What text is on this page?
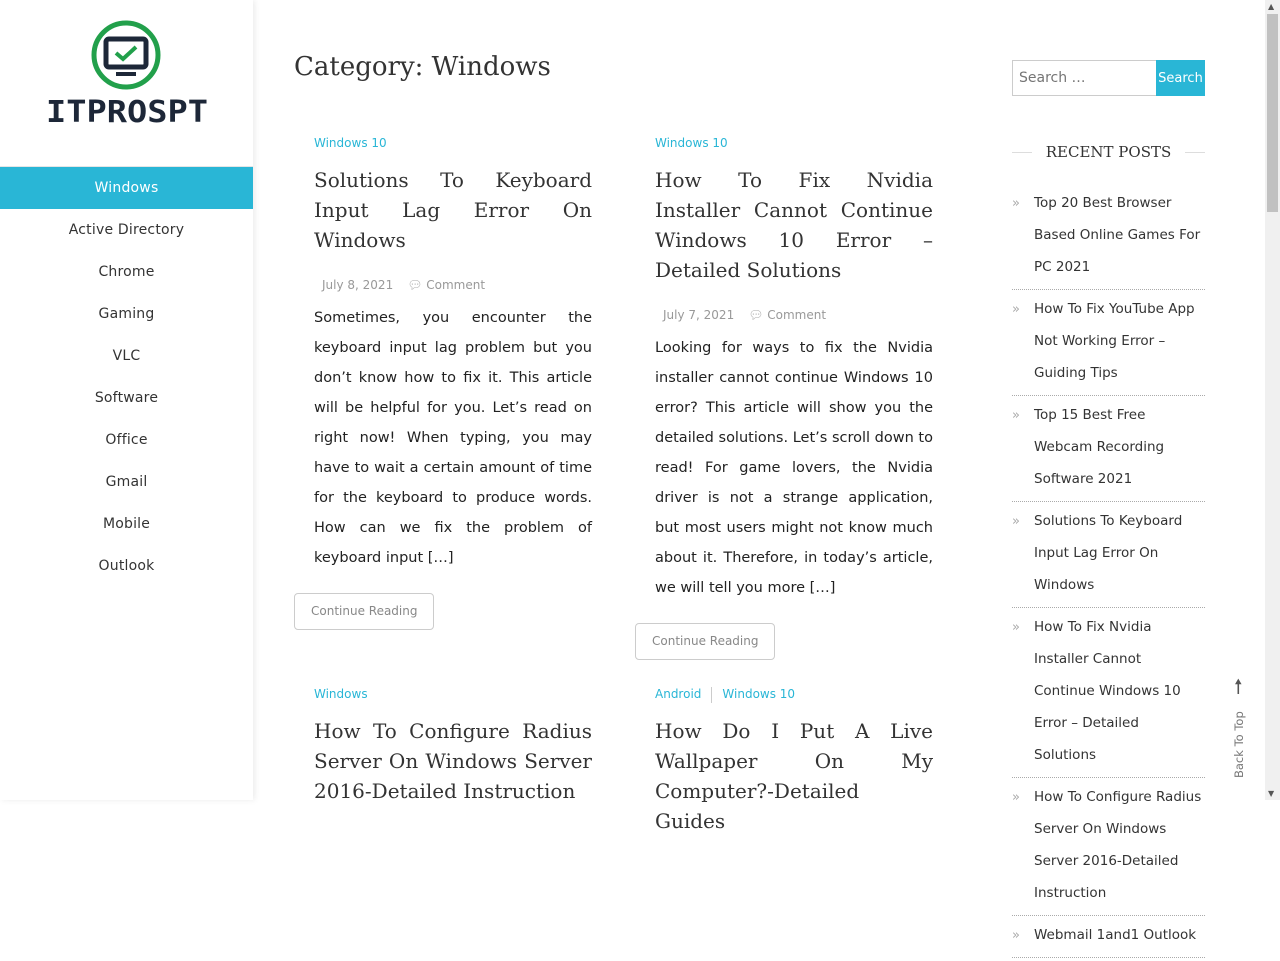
ITPROSPT
Windows
Active Directory
Chrome
Gaming
VLC
Software
Office
Gmail
Mobile
Outlook
Category: Windows
Windows 10
Solutions To Keyboard Input Lag Error On Windows
July 8, 2021 💬︎ Comment

Sometimes, you encounter the keyboard input lag problem but you don’t know how to fix it. This article will be helpful for you. Let’s read on right now! When typing, you may have to wait a certain amount of time for the keyboard to produce words. How can we fix the problem of keyboard input […]

Continue Reading
Windows 10
How To Fix Nvidia Installer Cannot Continue Windows 10 Error – Detailed Solutions
July 7, 2021 💬︎ Comment

Looking for ways to fix the Nvidia installer cannot continue Windows 10 error? This article will show you the detailed solutions. Let’s scroll down to read! For game lovers, the Nvidia driver is not a strange application, but most users might not know much about it. Therefore, in today’s article, we will tell you more […]

Continue Reading
Windows
How To Configure Radius Server On Windows Server 2016-Detailed Instruction
Android Windows 10
How Do I Put A Live Wallpaper On My Computer?-Detailed Guides
Search …
Search
RECENT POSTS
» Top 20 Best Browser Based Online Games For PC 2021
» How To Fix YouTube App Not Working Error – Guiding Tips
» Top 15 Best Free Webcam Recording Software 2021
» Solutions To Keyboard Input Lag Error On Windows
» How To Fix Nvidia Installer Cannot Continue Windows 10 Error – Detailed Solutions
» How To Configure Radius Server On Windows Server 2016-Detailed Instruction
» Webmail 1and1 Outlook
🠕
Back To Top
▲
▼
